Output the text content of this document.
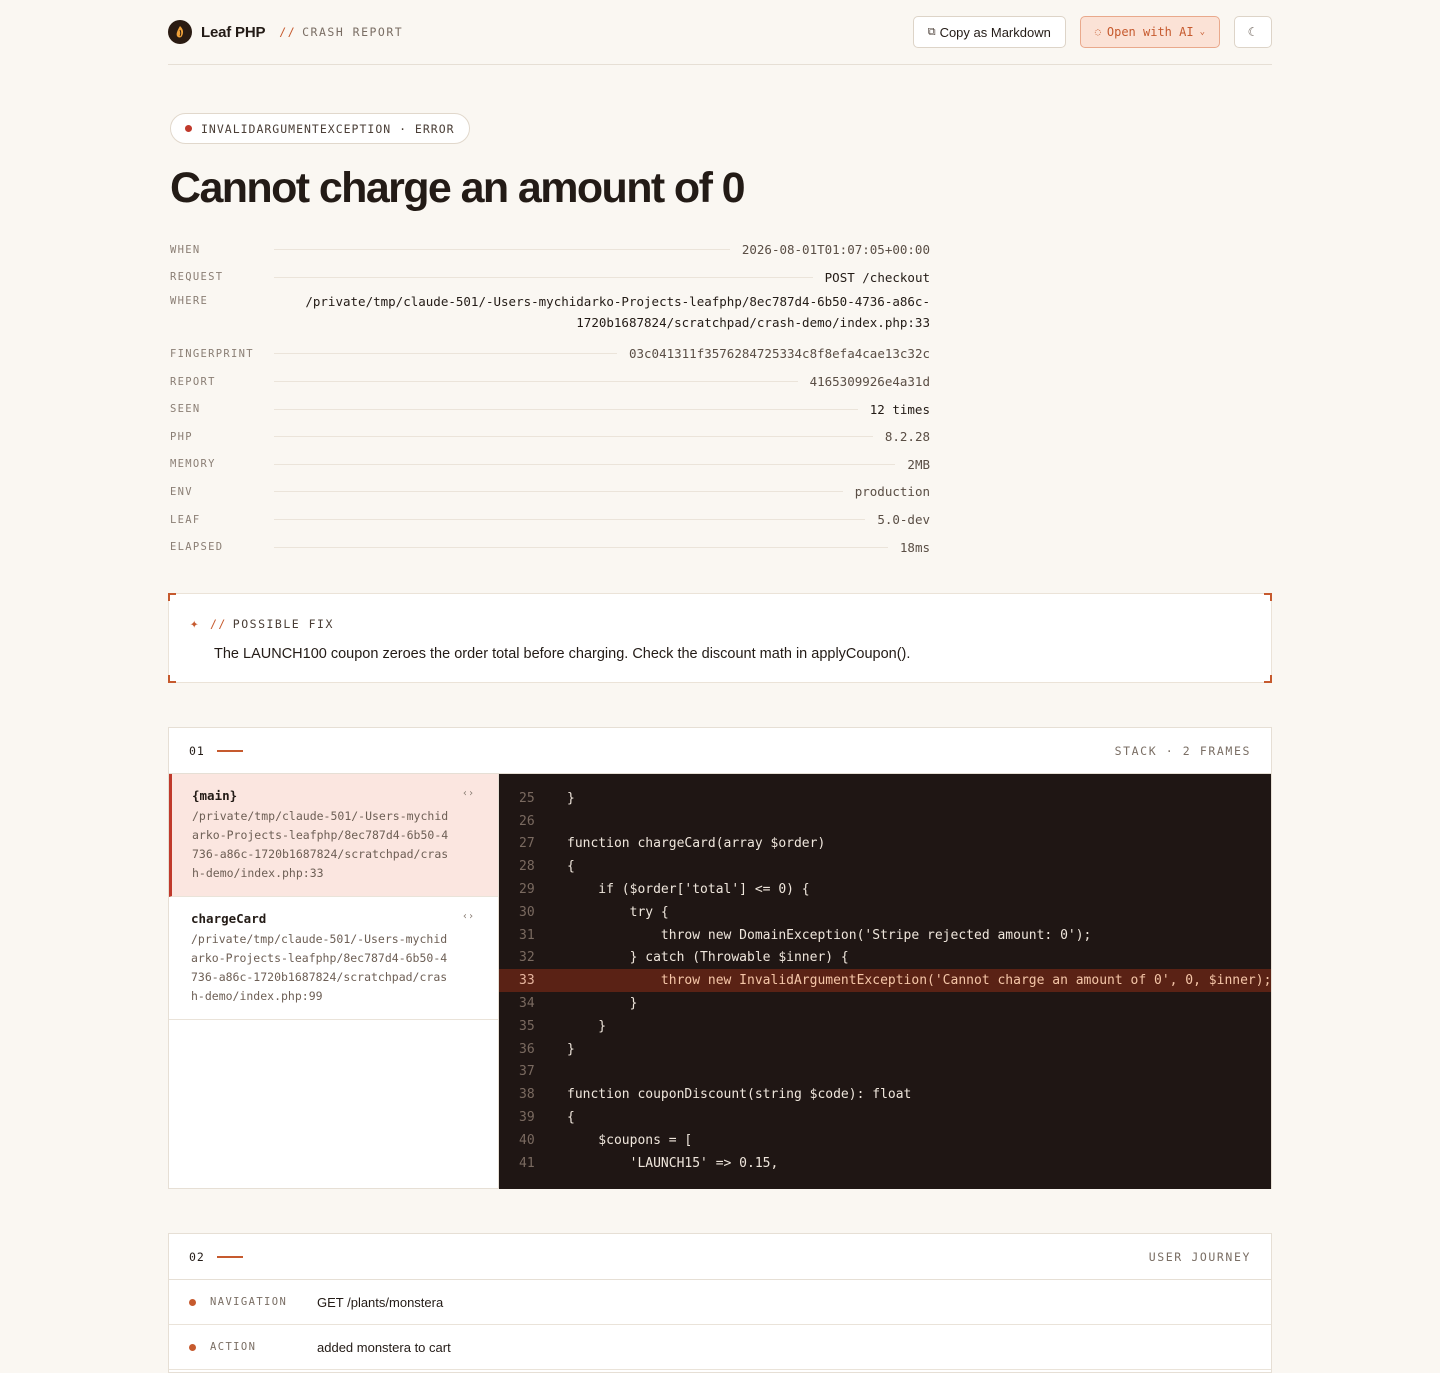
Leaf PHP // CRASH REPORT	⧉ Copy as Markdown	◌ Open with AI ⌄	☾
INVALIDARGUMENTEXCEPTION · ERROR
Cannot charge an amount of 0
WHEN	2026-08-01T01:07:05+00:00
REQUEST	POST /checkout
WHERE	/private/tmp/claude-501/-Users-mychidarko-Projects-leafphp/8ec787d4-6b50-4736-a86c-1720b1687824/scratchpad/crash-demo/index.php:33
FINGERPRINT	03c041311f3576284725334c8f8efa4cae13c32c
REPORT	4165309926e4a31d
SEEN	12 times
PHP	8.2.28
MEMORY	2MB
ENV	production
LEAF	5.0-dev
ELAPSED	18ms
✦ // POSSIBLE FIX
The LAUNCH100 coupon zeroes the order total before charging. Check the discount math in applyCoupon().
01	STACK · 2 FRAMES
{main}
/private/tmp/claude-501/-Users-mychidarko-Projects-leafphp/8ec787d4-6b50-4736-a86c-1720b1687824/scratchpad/crash-demo/index.php:33
‹›
chargeCard
/private/tmp/claude-501/-Users-mychidarko-Projects-leafphp/8ec787d4-6b50-4736-a86c-1720b1687824/scratchpad/crash-demo/index.php:99
‹›
25	}
26
27	function chargeCard(array $order)
28	{
29	if ($order['total'] <= 0) {
30	try {
31	throw new DomainException('Stripe rejected amount: 0');
32	} catch (Throwable $inner) {
33	throw new InvalidArgumentException('Cannot charge an amount of 0', 0, $inner);
34	}
35	}
36	}
37
38	function couponDiscount(string $code): float
39	{
40	$coupons = [
41	'LAUNCH15' => 0.15,
02	USER JOURNEY
NAVIGATION	GET /plants/monstera
ACTION	added monstera to cart
